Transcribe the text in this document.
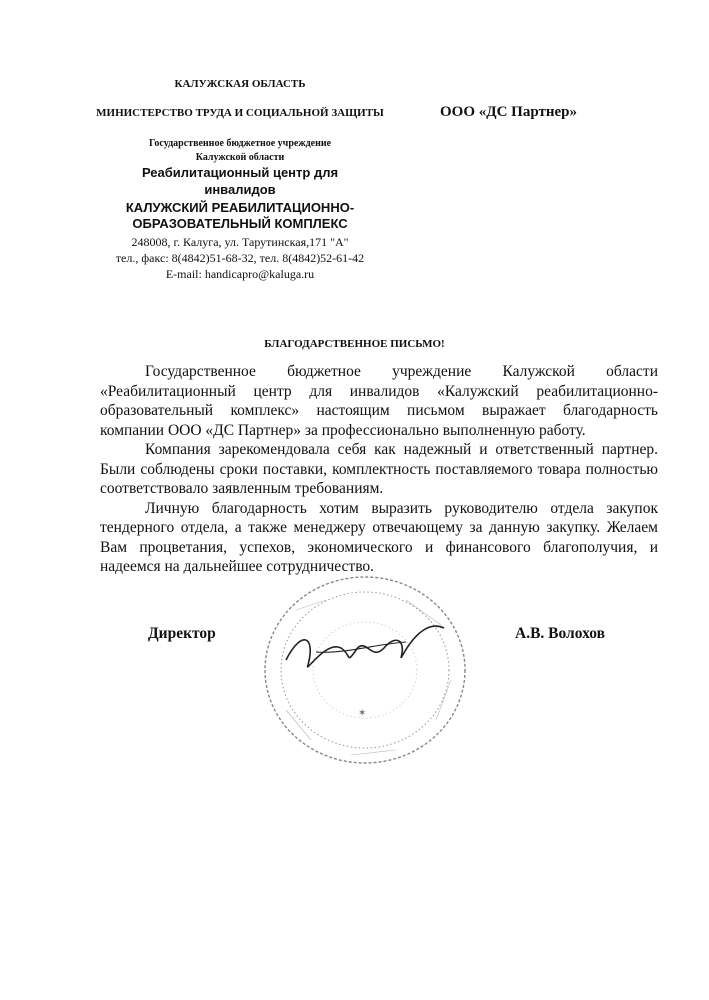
КАЛУЖСКАЯ ОБЛАСТЬ
МИНИСТЕРСТВО ТРУДА И СОЦИАЛЬНОЙ ЗАЩИТЫ
Государственное бюджетное учреждение
Калужской области
Реабилитационный центр для инвалидов
КАЛУЖСКИЙ РЕАБИЛИТАЦИОННО-ОБРАЗОВАТЕЛЬНЫЙ КОМПЛЕКС
248008, г. Калуга, ул. Тарутинская,171 "А"
тел., факс: 8(4842)51-68-32, тел. 8(4842)52-61-42
E-mail: handicapro@kaluga.ru
ООО «ДС Партнер»
БЛАГОДАРСТВЕННОЕ ПИСЬМО!

Государственное бюджетное учреждение Калужской области «Реабилитационный центр для инвалидов «Калужский реабилитационно-образовательный комплекс» настоящим письмом выражает благодарность компании ООО «ДС Партнер» за профессионально выполненную работу.

Компания зарекомендовала себя как надежный и ответственный партнер. Были соблюдены сроки поставки, комплектность поставляемого товара полностью соответствовало заявленным требованиям.

Личную благодарность хотим выразить руководителю отдела закупок тендерного отдела, а также менеджеру отвечающему за данную закупку. Желаем Вам процветания, успехов, экономического и финансового благополучия, и надеемся на дальнейшее сотрудничество.

✶
Директор	А.В. Волохов
